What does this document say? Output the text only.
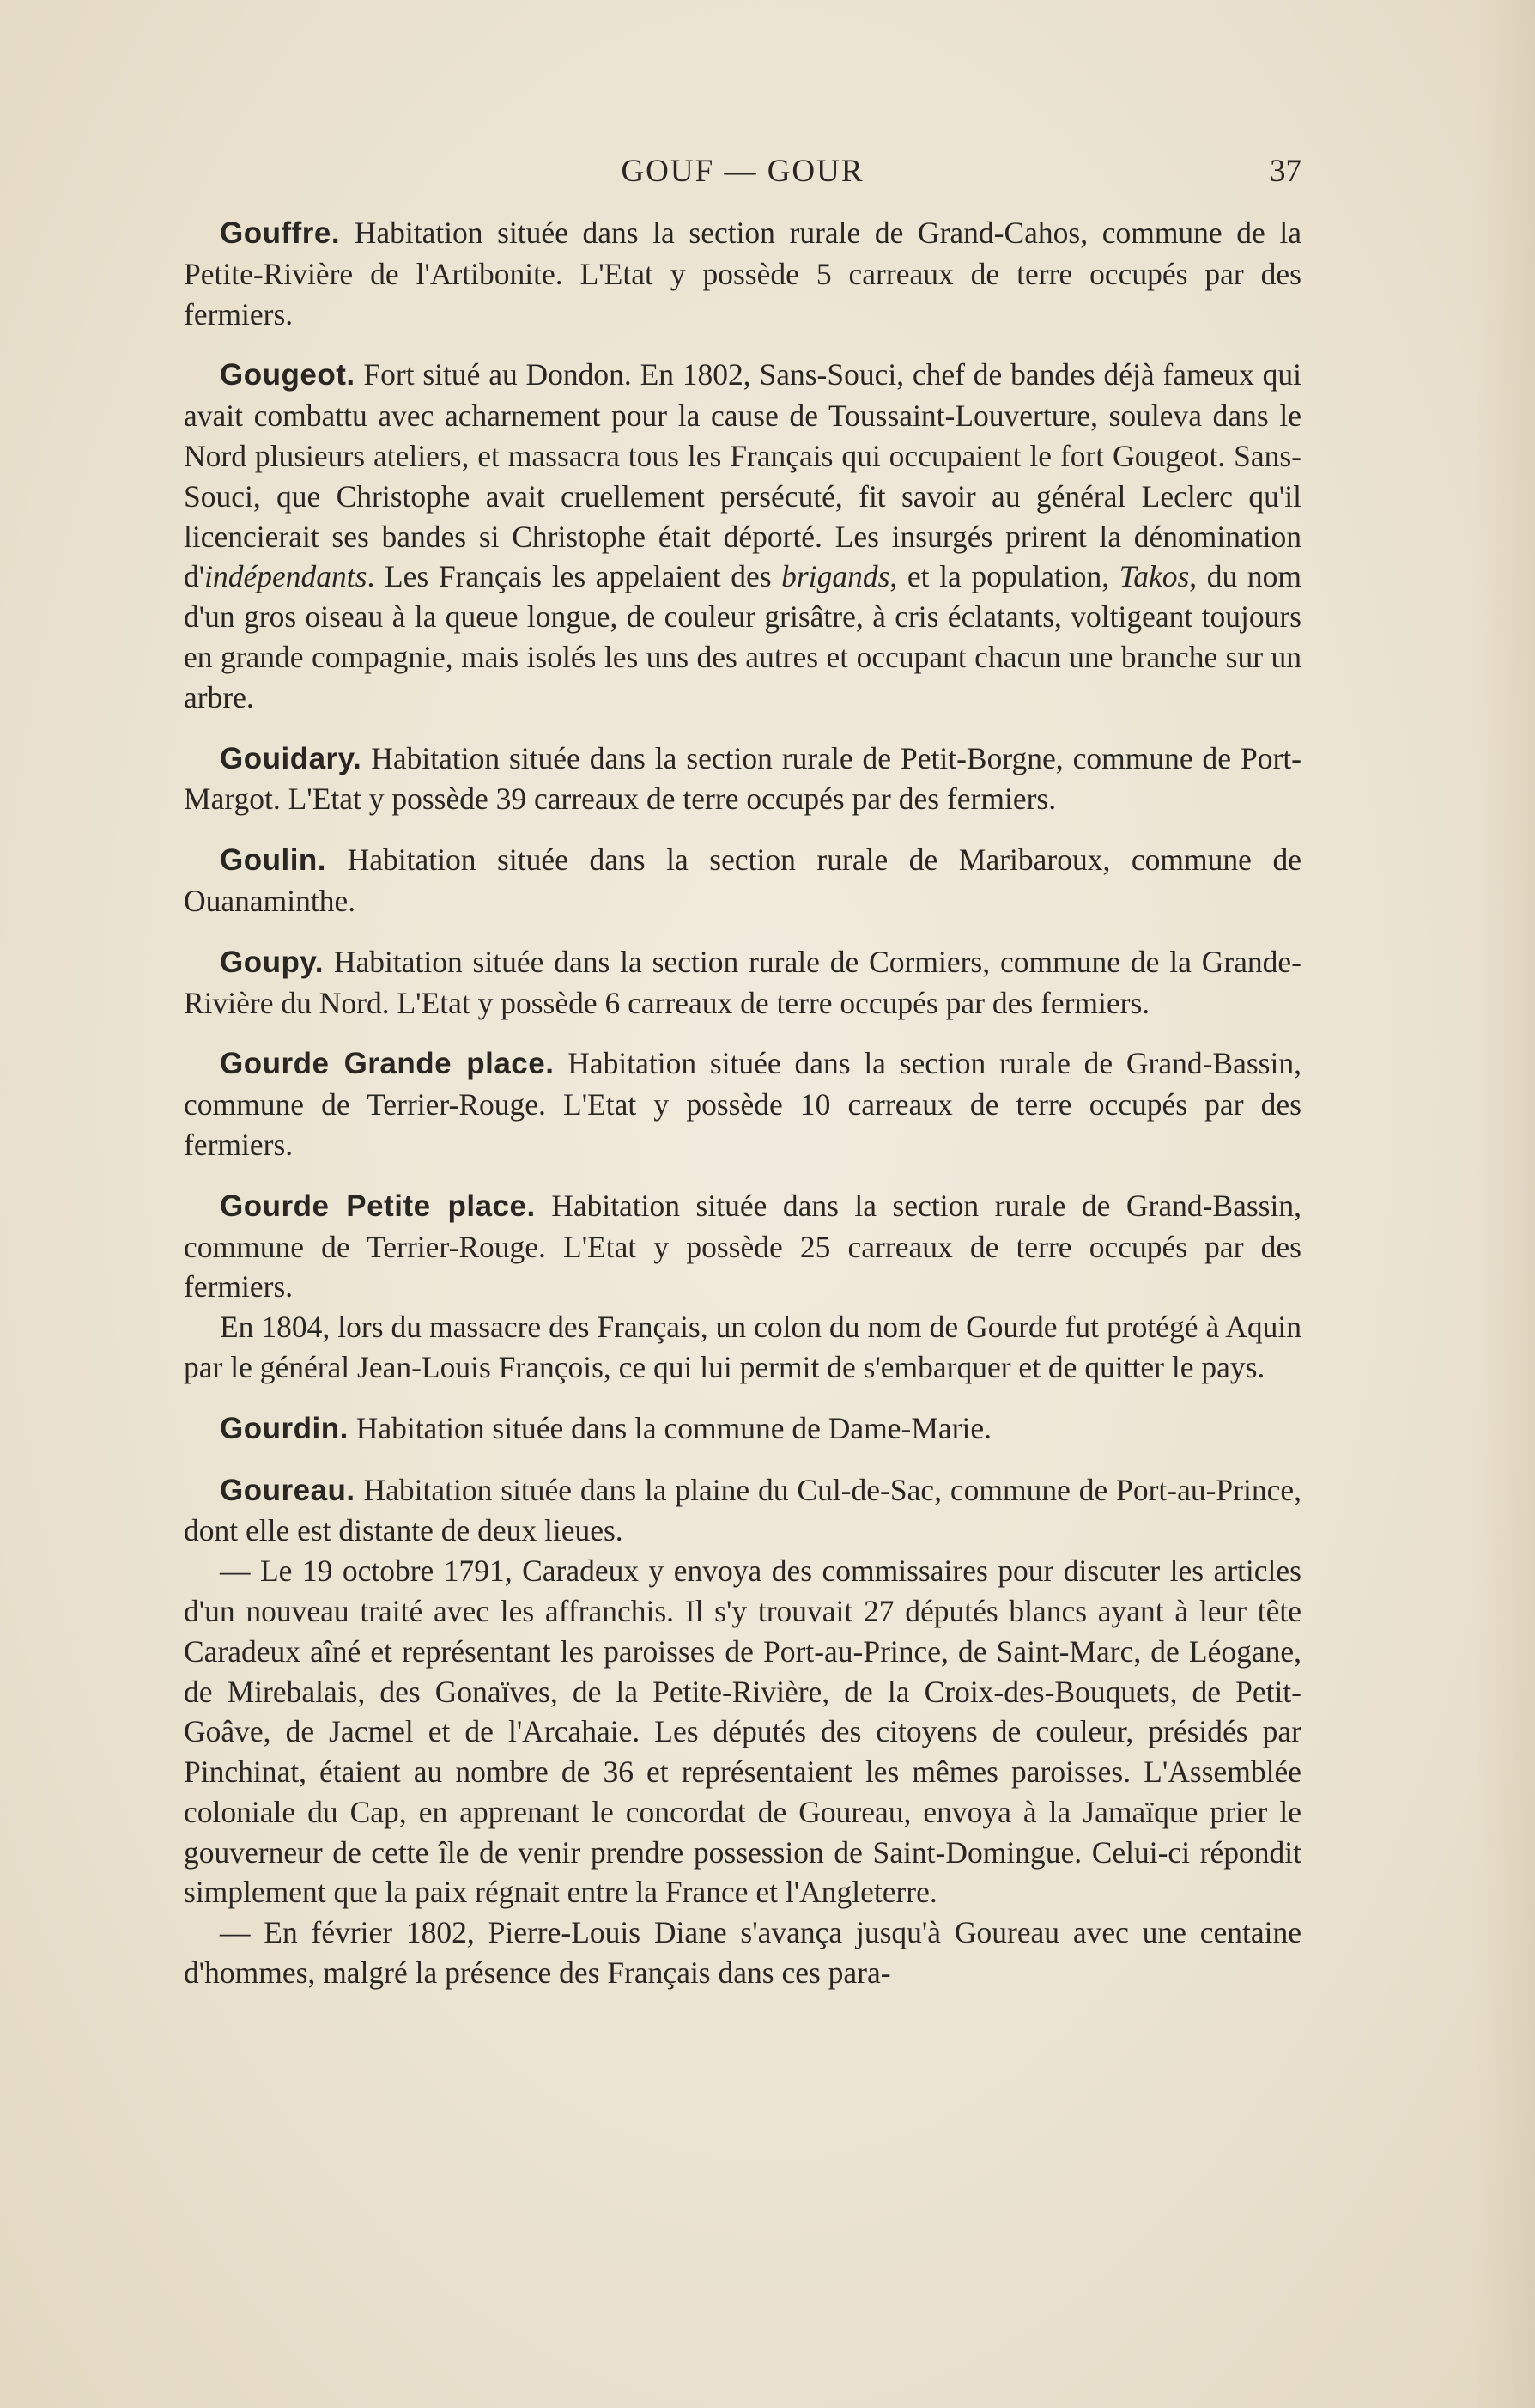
GOUF — GOUR	37

Gouffre. Habitation située dans la section rurale de Grand-Cahos, commune de la Petite-Rivière de l'Artibonite. L'Etat y possède 5 carreaux de terre occupés par des fermiers.

Gougeot. Fort situé au Dondon. En 1802, Sans-Souci, chef de bandes déjà fameux qui avait combattu avec acharnement pour la cause de Toussaint-Louverture, souleva dans le Nord plusieurs ateliers, et massacra tous les Français qui occupaient le fort Gougeot. Sans-Souci, que Christophe avait cruellement persécuté, fit savoir au général Leclerc qu'il licencierait ses bandes si Christophe était déporté. Les insurgés prirent la dénomination d'indépendants. Les Français les appelaient des brigands, et la population, Takos, du nom d'un gros oiseau à la queue longue, de couleur grisâtre, à cris éclatants, voltigeant toujours en grande compagnie, mais isolés les uns des autres et occupant chacun une branche sur un arbre.

Gouidary. Habitation située dans la section rurale de Petit-Borgne, commune de Port-Margot. L'Etat y possède 39 carreaux de terre occupés par des fermiers.

Goulin. Habitation située dans la section rurale de Maribaroux, commune de Ouanaminthe.

Goupy. Habitation située dans la section rurale de Cormiers, commune de la Grande-Rivière du Nord. L'Etat y possède 6 carreaux de terre occupés par des fermiers.

Gourde Grande place. Habitation située dans la section rurale de Grand-Bassin, commune de Terrier-Rouge. L'Etat y possède 10 carreaux de terre occupés par des fermiers.

Gourde Petite place. Habitation située dans la section rurale de Grand-Bassin, commune de Terrier-Rouge. L'Etat y possède 25 carreaux de terre occupés par des fermiers.

En 1804, lors du massacre des Français, un colon du nom de Gourde fut protégé à Aquin par le général Jean-Louis François, ce qui lui permit de s'embarquer et de quitter le pays.

Gourdin. Habitation située dans la commune de Dame-Marie.

Goureau. Habitation située dans la plaine du Cul-de-Sac, commune de Port-au-Prince, dont elle est distante de deux lieues.

— Le 19 octobre 1791, Caradeux y envoya des commissaires pour discuter les articles d'un nouveau traité avec les affranchis. Il s'y trouvait 27 députés blancs ayant à leur tête Caradeux aîné et représentant les paroisses de Port-au-Prince, de Saint-Marc, de Léogane, de Mirebalais, des Gonaïves, de la Petite-Rivière, de la Croix-des-Bouquets, de Petit-Goâve, de Jacmel et de l'Arcahaie. Les députés des citoyens de couleur, présidés par Pinchinat, étaient au nombre de 36 et représentaient les mêmes paroisses. L'Assemblée coloniale du Cap, en apprenant le concordat de Goureau, envoya à la Jamaïque prier le gouverneur de cette île de venir prendre possession de Saint-Domingue. Celui-ci répondit simplement que la paix régnait entre la France et l'Angleterre.

— En février 1802, Pierre-Louis Diane s'avança jusqu'à Goureau avec une centaine d'hommes, malgré la présence des Français dans ces para-
